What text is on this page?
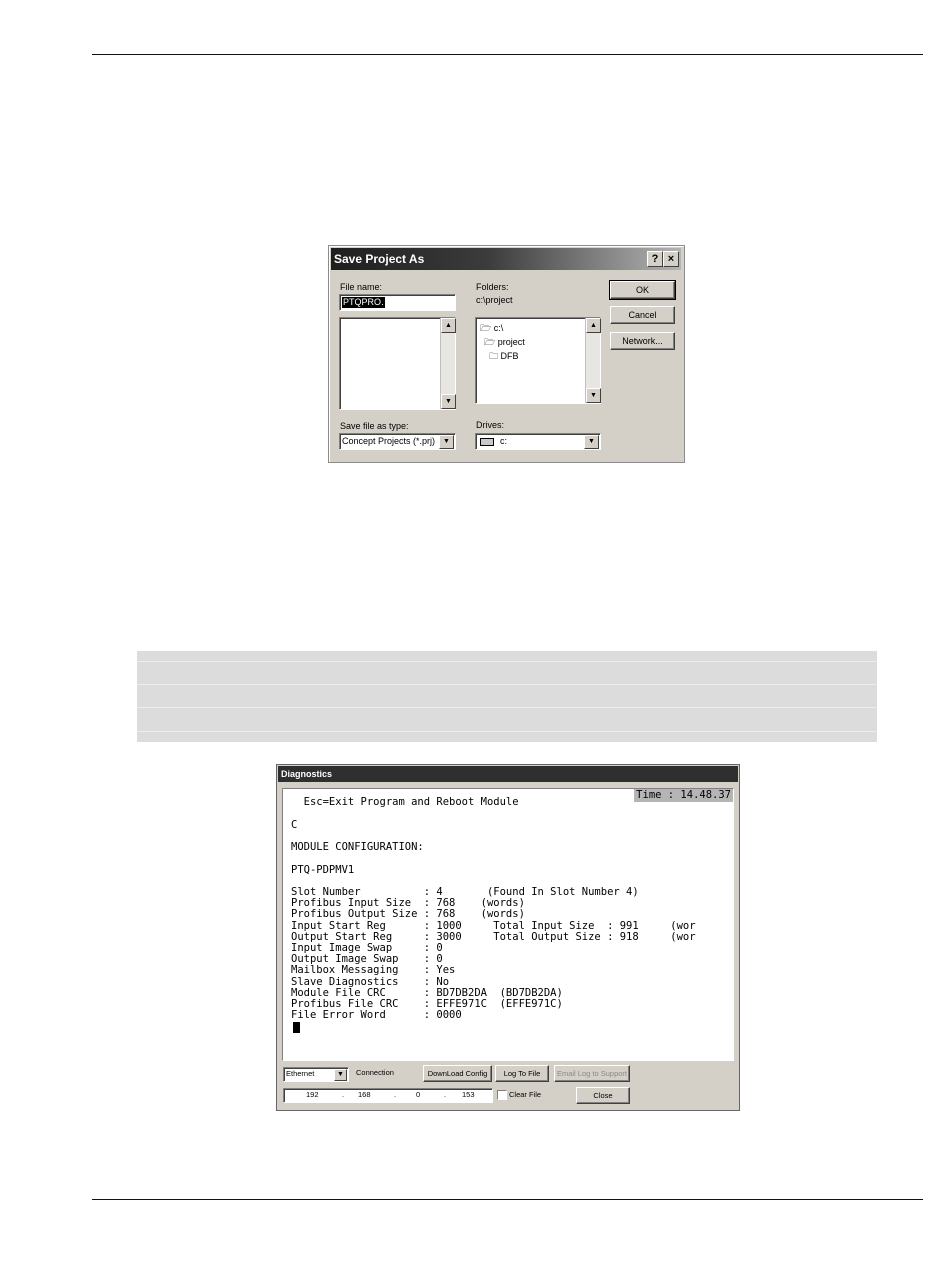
Save Project As	? ×
File name:
PTQPRO․
▲
▼
Save file as type:
Concept Projects (*.prj)	▼
Folders:
c:\project
🗁 c:\
🗁 project
🗀 DFB
▲
▼
Drives:
c:	▼
OK
Cancel
Network...
Diagnostics
Time : 14.48.37
Esc=Exit Program and Reboot Module
C
MODULE CONFIGURATION:
PTQ-PDPMV1
Slot Number          : 4       (Found In Slot Number 4)
Profibus Input Size  : 768    (words)
Profibus Output Size : 768    (words)
Input Start Reg      : 1000     Total Input Size  : 991     (wor
Output Start Reg     : 3000     Total Output Size : 918     (wor
Input Image Swap     : 0
Output Image Swap    : 0
Mailbox Messaging    : Yes
Slave Diagnostics    : No
Module File CRC      : BD7DB2DA  (BD7DB2DA)
Profibus File CRC    : EFFE971C  (EFFE971C)
File Error Word      : 0000
Ethernet	▼	Connection	DownLoad Config	Log To File	Email Log to Support
192	. 168	.	0	. 153	Clear File	Close
